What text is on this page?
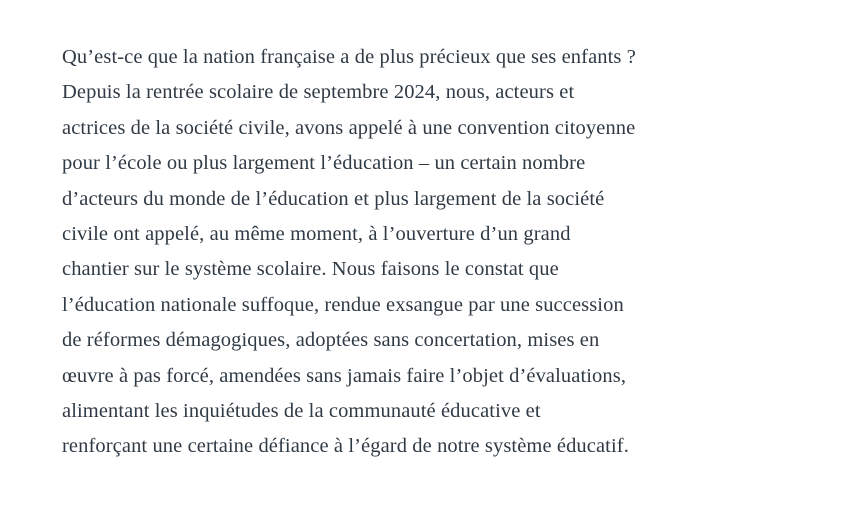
Qu’est-ce que la nation française a de plus précieux que ses enfants ?
Depuis la rentrée scolaire de septembre 2024, nous, acteurs et
actrices de la société civile, avons appelé à une convention citoyenne
pour l’école ou plus largement l’éducation – un certain nombre
d’acteurs du monde de l’éducation et plus largement de la société
civile ont appelé, au même moment, à l’ouverture d’un grand
chantier sur le système scolaire. Nous faisons le constat que
l’éducation nationale suffoque, rendue exsangue par une succession
de réformes démagogiques, adoptées sans concertation, mises en
œuvre à pas forcé, amendées sans jamais faire l’objet d’évaluations,
alimentant les inquiétudes de la communauté éducative et
renforçant une certaine défiance à l’égard de notre système éducatif.
